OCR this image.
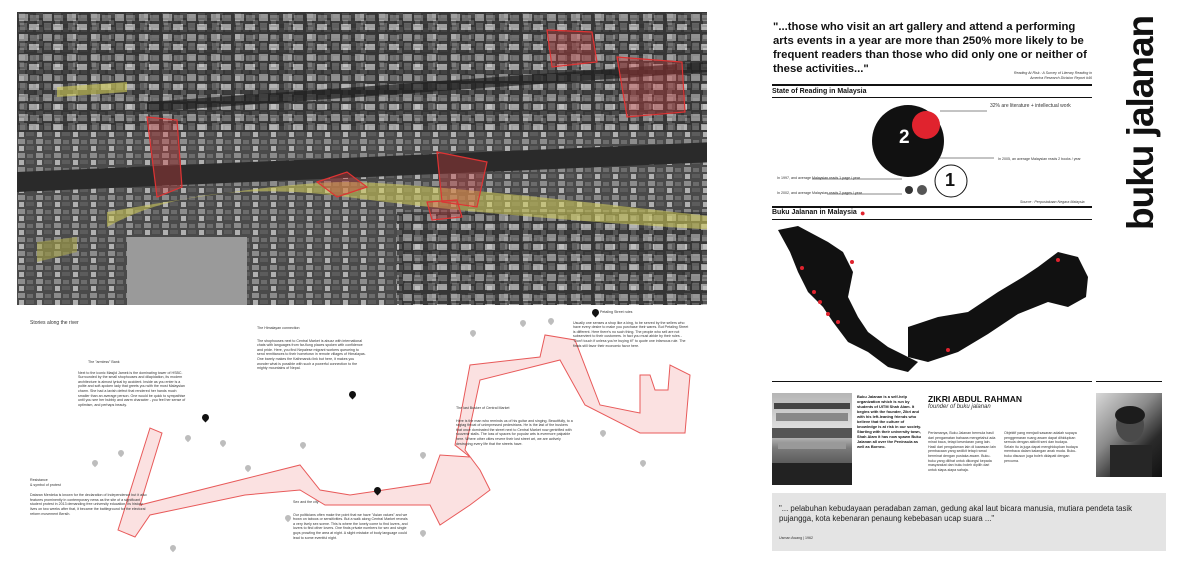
Stories along the river
The "armless" Bank
Next to the iconic Masjid Jamek is the dominating tower of HSBC. Surrounded by the small shophouses and dilapidation, its modern architecture is almost lyrical by accident. Inside as you enter is a polite and soft-spoken lady that greets you with the most Malaysian charm. She had a lavish defect that rendered her hands much smaller than an average person. One would be quick to sympathise until you see her bubbly and warm character - you feel her sense of optimism, and perhaps beauty.
Resistance
& symbol of protest
Dataran Merdeka is known for the declaration of Independence but it also features prominently in contemporary news as the site of a significant student protest in 2013 demanding free university education. Its history lives on two weeks after that, it became the battleground for the electoral reform movement Bersih.
The Himalayan connection
The shophouses next to Central Market is abuzz with international chats with languages from far-flung places spoken with confidence and pride. Here, you find Nepalese migrant workers queueing to send remittances to their hometown in remote villages of Himalayas. One barely makes the Kathmandu link but here, it makes you wonder what is possible with such a powerful connection to the mighty mountains of Nepal.
Sex and the city
Our politicians often make the point that we have "Asian values" and we frown on taboos or sensitivities. But a walk along Central Market reveals a very lively sex scene. This is where the lonely come to find lovers, and lovers to find other lovers. One finds private numbers for sex and single guys prowling the area at night. A slight mistake of body language could lead to some eventful night.
The last Busker of Central Market
Here is the man who reminds us of his guitar and singing. Beautifully, to a ragtag throat of unimpressed pedestrians. He is the last of the buskers that once dominated the street next to Central Market now gentrified with souvenir stalls. The loss of spaces for popular arts is evermore palpable here. Where other cities revere their lost street art, we are actively destroying every life that the streets have.
Petaling Street rules
Usually one senses a shop like a king, to be served by the sellers who have every desire to make you purchase their wares. But Petaling Street is different. Here there's no such thing. The people who sell are not subservient to their customers. In fact you must abide by their rules - "Don't touch if unless you're buying it!" to quote one infamous rule. The finals still favor their economic favor here.
"...those who visit an art gallery and attend a performing arts events in a year are more than 250% more likely to be frequent readers than those who did only one or neither of these activities..."	Reading At Risk : A Survey of Literary Reading in America Research Division Report #46 buku jalanan
State of Reading in Malaysia
2
1
32% are literature + intellectual work
In 2005, an average Malaysian reads 2 books / year
In 1997, and average Malaysian reads 1 page / year
In 2002, and average Malaysian reads 2 pages / year
Source : Perpustakaan Negara Malaysia
Buku Jalanan in Malaysia ●
Buku Jalanan is a self-help organization which is run by students of UITM Shah Alam. It begins with the founder, Zikri and with his left-leaning friends who believe that the culture of knowledge is at risk in our society. Starting with their university town, Shah Alam it has now spawn Buku Jalanan all over the Peninsula as well as Borneo.
ZIKRI ABDUL RAHMAN
founder of buku jalanan
Pertamanya, Buku Jalanan bermula hasil dari pengamatan bahawa mengetahui ada minat baca, tetapi kesedaran yang lain. Hasil dari pengalaman lain di kawasan lain pembacaan yang sedikit tetapi ramai berminat dengan pustaka awam. Buku-buku yang dilihat untuk dikongsi kepada masyarakat dan buku boleh dipilih dari untuk siapa-siapa sahaja.
Objektif yang menjadi sasaran adalah supaya penggemaran ruang awam dapat dihidupkan semula dengan aktiviti seni dan budaya. Selain itu ia juga dapat menghidupkan budaya membaca dalam kalangan anak muda. Buku-buku disusun juga boleh didapati dengan percuma.
"... pelabuhan kebudayaan peradaban zaman, gedung akal laut bicara manusia, mutiara pendeta tasik pujangga, kota kebenaran penaung kebebasan ucap suara ..."
Usman Awang | 1962
